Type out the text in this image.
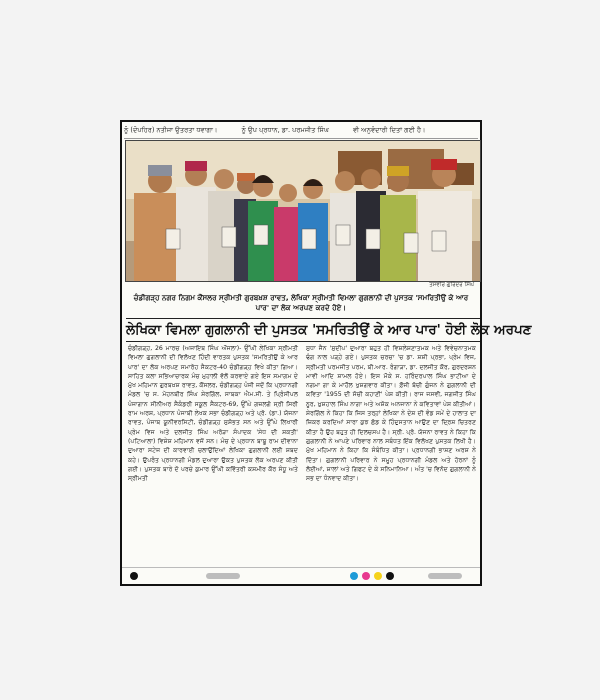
ਨੂੰ (ਦੋਪਹਿਰ) ਨਤੀਜਾ ਉਤਰਤਾ ਧਵਾਗਾ।	ਨੂੰ ਉਪ ਪ੍ਰਧਾਨ, ਡਾ. ਪਰਮਜੀਤ ਸਿੰਘ	ਵੀ ਅਨੁਵੰਦਾਰੀ ਦਿਤਾਂ ਗਈ ਹੈ।
ਤਸਵੀਰ ਗੁਰਿੰਦਰ ਸਿੰਘ
ਚੰਡੀਗੜ੍ਹ ਨਗਰ ਨਿਗਮ ਕੌਂਸਲਰ ਸ੍ਰੀਮਤੀ ਗੁਰਬਖ਼ਸ਼ ਰਾਵਤ, ਲੇਖਿਕਾ ਸ੍ਰੀਮਤੀ ਵਿਮਲਾ ਗੁਗਲਾਨੀ ਦੀ ਪੁਸਤਕ 'ਸਮਰਿਤੀਉਂ ਕੇ ਆਰ ਪਾਰ' ਦਾ ਲੋਕ ਅਰਪਣ ਕਰਦੇ ਹੋਏ।
ਲੇਖਿਕਾ ਵਿਮਲਾ ਗੁਗਲਾਨੀ ਦੀ ਪੁਸਤਕ 'ਸਮਰਿਤੀਉਂ ਕੇ ਆਰ ਪਾਰ' ਹੋਈ ਲੋਕ ਅਰਪਣ
ਚੰਡੀਗੜ੍ਹ, 26 ਮਾਰਚ (ਅਜਾਇਬ ਸਿੰਘ ਔਜਲਾ)- ਉੱਘੀ ਲੇਖਿਕਾ ਸ੍ਰੀਮਤੀ ਵਿਮਲਾ ਗੁਗਲਾਨੀ ਦੀ ਵਿਲੱਖਣ ਹਿੰਦੀ ਵਾਰਤਕ ਪੁਸਤਕ 'ਸਮਰਿਤੀਉਂ ਕੇ ਆਰ ਪਾਰ' ਦਾ ਲੋਕ ਅਰਪਣ ਸਮਾਰੋਹ ਸੈਕਟਰ-40 ਚੰਡੀਗੜ੍ਹ ਵਿਖੇ ਕੀਤਾ ਗਿਆ। ਸਾਹਿਤ ਕਲਾ ਸਭਿਆਚਾਰਕ ਮੰਚ ਮੁਹਾਲੀ ਵੱਲੋਂ ਕਰਵਾਏ ਗਏ ਇਸ ਸਮਾਗਮ ਦੇ ਮੁੱਖ ਮਹਿਮਾਨ ਗੁਰਬਖ਼ਸ਼ ਰਾਵਤ, ਕੌਂਸਲਰ, ਚੰਡੀਗੜ੍ਹ ਪੰਜੀ ਜਦੋਂ ਕਿ ਪ੍ਰਧਾਨਗੀ ਮੰਡਲ 'ਚ ਸ. ਮੋਹਨਬੀਰ ਸਿੰਘ ਸ਼ੇਰਗਿੱਲ, ਸਾਬਕਾ ਐਮ.ਸੀ. ਤੇ ਪ੍ਰਿੰਸੀਪਲ ਪੰਜਾਗਾਨ ਸੀਨੀਅਰ ਸੈਕੰਡਰੀ ਸਕੂਲ ਸੈਕਟਰ-69, ਉੱਘੇ ਗਜ਼ਲਗੋ ਸ੍ਰੀ ਸਿਰੀ ਰਾਮ ਅਰਸ਼, ਪ੍ਰਧਾਨ ਪੰਜਾਬੀ ਲੇਖਕ ਸਭਾ ਚੰਡੀਗੜ੍ਹ ਅਤੇ ਪ੍ਰੋ. (ਡਾ.) ਯੋਜਨਾ ਰਾਵਤ, ਪੰਜਾਬ ਯੂਨੀਵਰਸਿਟੀ, ਚੰਡੀਗੜ੍ਹ ਸੁਸ਼ੋਭਤ ਸਨ ਅਤੇ ਉੱਘੇ ਲਿਖਾਰੀ ਪ੍ਰੇਮ ਵਿਜ ਅਤੇ ਦਲਜੀਤ ਸਿੰਘ ਅਰੋੜਾ ਸੰਪਾਦਕ 'ਸੇਧ ਦੀ ਸ਼ਕਤੀ' (ਪਟਿਆਲਾ) ਵਿਸ਼ੇਸ਼ ਮਹਿਮਾਨ ਵਜੋਂ ਸਨ। ਮੰਚ ਦੇ ਪ੍ਰਧਾਨ ਬਾਬੂ ਰਾਮ ਦੀਵਾਨਾ ਦੁਆਰਾ ਸਟੇਜ ਦੀ ਕਾਰਵਾਈ ਚਲਾਉਂਦਿਆਂ ਲੇਖਿਕਾ ਗੁਗਲਾਨੀ ਲਈ ਸ਼ਬਦ ਕਹੇ। ਉਪਰੰਤ ਪ੍ਰਧਾਨਗੀ ਮੰਡਲ ਦੁਆਰਾ ਉਕਤ ਪੁਸਤਕ ਲੋਕ ਅਰਪਣ ਕੀਤੀ ਗਈ। ਪੁਸਤਕ ਬਾਰੇ ਦੋ ਪਰਚੇ ਕੁਮਾਰ ਉੱਘੀ ਕਵਿੱਤਰੀ ਕਸ਼ਮੀਰ ਕੌਰ ਸੰਧੂ ਅਤੇ ਸ੍ਰੀਮਤੀ
ਸੁਧਾ ਜੈਨ 'ਸੁਦੀਪ' ਦੁਆਰਾ ਬਹੁਤ ਹੀ ਵਿਸ਼ਲੇਸ਼ਣਾਤਮਕ ਅਤੇ ਵਿਵੇਚਨਾਤਮਕ ਢੰਗ ਨਾਲ ਪੜ੍ਹੇ ਗਏ। ਪੁਸਤਕ ਚਰਚਾ 'ਚ ਡਾ. ਸ਼ਸ਼ੀ ਪ੍ਰਭਾ, ਪ੍ਰੇਮ ਵਿਜ, ਸ੍ਰੀਮਤੀ ਪਰਮਜੀਤ ਪਰਮ, ਬੀ.ਆਰ. ਰੰਗਾੜਾ, ਡਾ. ਦਲਜੀਤ ਕੌਰ, ਗੁਰਦਰਸ਼ਨ ਮਾਵੀ ਆਦਿ ਸ਼ਾਮਲ ਹੋਏ। ਇਸ ਮੌਕੇ ਸ. ਹਰਿੰਦਰਪਾਲ ਸਿੰਘ ਭਾਟੀਆ ਦੇ ਨਗਮਾ ਗਾ ਕੇ ਮਾਹੌਲ ਖੁਸ਼ਗਵਾਰ ਕੀਤਾ। ਫ਼ੌਜੀ ਬੱਚੀ ਗੁੰਜਨ ਨੇ ਗੁਗਲਾਨੀ ਦੀ ਕਵਿਤਾ '1955 ਦੀ ਸੱਚੀ ਕਹਾਣੀ' ਪੇਸ਼ ਕੀਤੀ। ਰਾਜ ਜਸਵੀ, ਜਗਜੀਤ ਸਿੰਘ ਨੂਰ, ਖ਼ੁਸ਼ਹਾਲ ਸਿੰਘ ਨਾਗਾ ਅਤੇ ਅਸ਼ੋਕ ਅਨਜਾਨਾ ਨੇ ਕਵਿਤਾਵਾਂ ਪੇਸ਼ ਕੀਤੀਆਂ। ਸ਼ੇਰਗਿੱਲ ਨੇ ਕਿਹਾ ਕਿ ਜਿਸ ਤਰ੍ਹਾਂ ਲੇਖਿਕਾ ਨੇ ਦੇਸ਼ ਦੀ ਵੰਡ ਸਮੇਂ ਦੇ ਹਾਲਾਤ ਦਾ ਜ਼ਿਕਰ ਕਰਦਿਆਂ ਸਾਰਾ ਕੁਝ ਛੱਡ ਕੇ ਹਿੰਦੁਸਤਾਨ ਆਉਣ ਦਾ ਦ੍ਰਿਸ਼ ਚਿਤਰਣ ਕੀਤਾ ਹੈ ਉਹ ਬਹੁਤ ਹੀ ਦਿਲਚਸਪ ਹੈ। ਸ੍ਰੀ. ਪ੍ਰੋ. ਯੋਜਨਾ ਰਾਵਤ ਨੇ ਕਿਹਾ ਕਿ ਗੁਗਲਾਨੀ ਨੇ ਆਪਣੇ ਪਰਿਵਾਰ ਨਾਲ ਸਬੰਧਤ ਇੱਕ ਵਿਲੱਖਣ ਪੁਸਤਕ ਲਿਖੀ ਹੈ। ਮੁੱਖ ਮਹਿਮਾਨ ਨੇ ਕਿਹਾ ਕਿ ਸੰਬੰਧਿਤ ਕੀਤਾ। ਪ੍ਰਧਾਨਗੀ ਭਾਸ਼ਣ ਅਰਸ਼ ਨੇ ਦਿੱਤਾ। ਗੁਗਲਾਨੀ ਪਰਿਵਾਰ ਨੇ ਸਮੂਹ ਪ੍ਰਧਾਨਗੀ ਮੰਡਲ ਅਤੇ ਹੋਰਨਾਂ ਨੂੰ ਲੋਈਆਂ, ਸ਼ਾਲਾਂ ਅਤੇ ਗਿਫਟ ਦੇ ਕੇ ਸਨਿਮਾਨਿਆ। ਅੰਤ 'ਚ ਵਿਨੋਦ ਗੁਗਲਾਨੀ ਨੇ ਸਭ ਦਾ ਧੰਨਵਾਦ ਕੀਤਾ।
